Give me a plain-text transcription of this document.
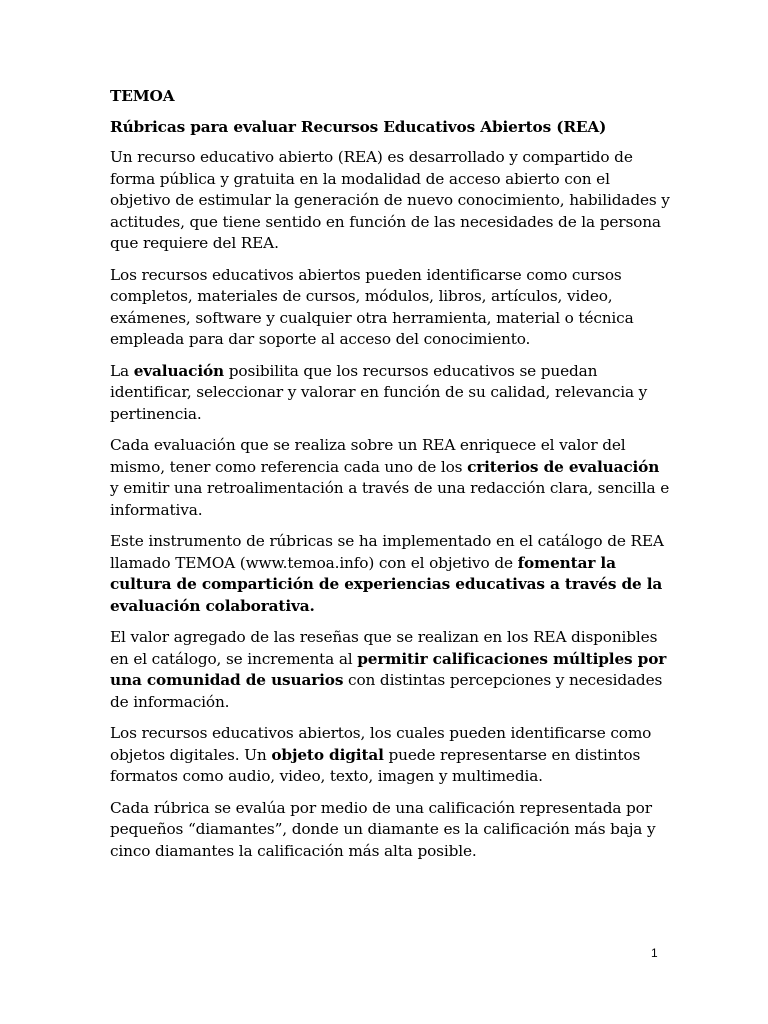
TEMOA

Rúbricas para evaluar Recursos Educativos Abiertos (REA)

Un recurso educativo abierto (REA) es desarrollado y compartido de forma pública y gratuita en la modalidad de acceso abierto con el objetivo de estimular la generación de nuevo conocimiento, habilidades y actitudes, que tiene sentido en función de las necesidades de la persona que requiere del REA.

Los recursos educativos abiertos pueden identificarse como cursos completos, materiales de cursos, módulos, libros, artículos, video, exámenes, software y cualquier otra herramienta, material o técnica empleada para dar soporte al acceso del conocimiento.

La evaluación posibilita que los recursos educativos se puedan identificar, seleccionar y valorar en función de su calidad, relevancia y pertinencia.

Cada evaluación que se realiza sobre un REA enriquece el valor del mismo, tener como referencia cada uno de los criterios de evaluación y emitir una retroalimentación a través de una redacción clara, sencilla e informativa.

Este instrumento de rúbricas se ha implementado en el catálogo de REA llamado TEMOA (www.temoa.info) con el objetivo de fomentar la cultura de compartición de experiencias educativas a través de la evaluación colaborativa.

El valor agregado de las reseñas que se realizan en los REA disponibles en el catálogo, se incrementa al permitir calificaciones múltiples por una comunidad de usuarios con distintas percepciones y necesidades de información.

Los recursos educativos abiertos, los cuales pueden identificarse como objetos digitales. Un objeto digital puede representarse en distintos formatos como audio, video, texto, imagen y multimedia.

Cada rúbrica se evalúa por medio de una calificación representada por pequeños “diamantes”, donde un diamante es la calificación más baja y cinco diamantes la calificación más alta posible.

1
